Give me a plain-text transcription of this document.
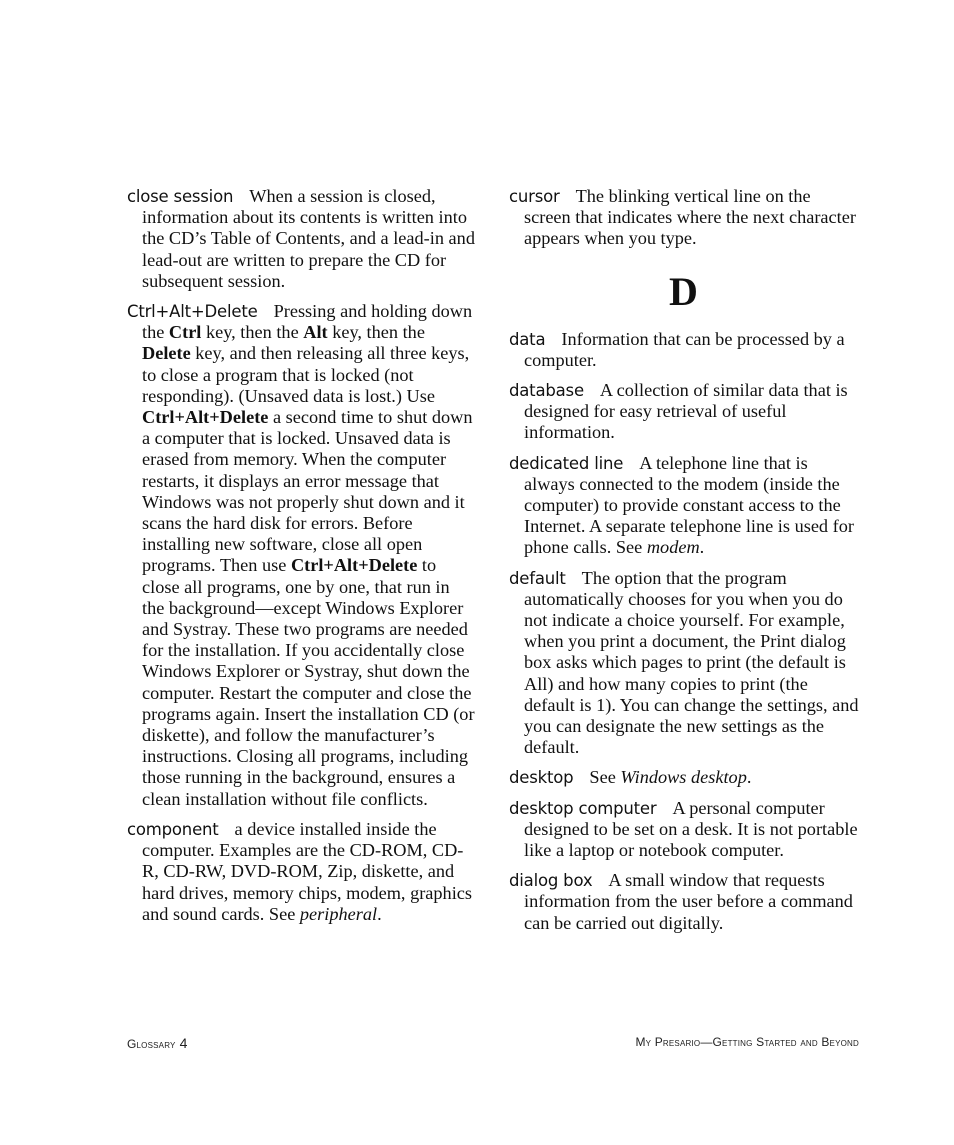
close session When a session is closed, information about its contents is written into the CD’s Table of Contents, and a lead-in and lead-out are written to prepare the CD for subsequent session.

Ctrl+Alt+Delete Pressing and holding down the Ctrl key, then the Alt key, then the Delete key, and then releasing all three keys, to close a program that is locked (not responding). (Unsaved data is lost.) Use Ctrl+Alt+Delete a second time to shut down a computer that is locked. Unsaved data is erased from memory. When the computer restarts, it displays an error message that Windows was not properly shut down and it scans the hard disk for errors. Before installing new software, close all open programs. Then use Ctrl+Alt+Delete to close all programs, one by one, that run in the background—except Windows Explorer and Systray. These two programs are needed for the installation. If you accidentally close Windows Explorer or Systray, shut down the computer. Restart the computer and close the programs again. Insert the installation CD (or diskette), and follow the manufacturer’s instructions. Closing all programs, including those running in the background, ensures a clean installation without file conflicts.

component a device installed inside the computer. Examples are the CD-ROM, CD-R, CD-RW, DVD-ROM, Zip, diskette, and hard drives, memory chips, modem, graphics and sound cards. See peripheral.

cursor The blinking vertical line on the screen that indicates where the next character appears when you type.

D

data Information that can be processed by a computer.

database A collection of similar data that is designed for easy retrieval of useful information.

dedicated line A telephone line that is always connected to the modem (inside the computer) to provide constant access to the Internet. A separate telephone line is used for phone calls. See modem.

default The option that the program automatically chooses for you when you do not indicate a choice yourself. For example, when you print a document, the Print dialog box asks which pages to print (the default is All) and how many copies to print (the default is 1). You can change the settings, and you can designate the new settings as the default.

desktop See Windows desktop.

desktop computer A personal computer designed to be set on a desk. It is not portable like a laptop or notebook computer.

dialog box A small window that requests information from the user before a command can be carried out digitally.

Glossary 4	My Presario—Getting Started and Beyond
